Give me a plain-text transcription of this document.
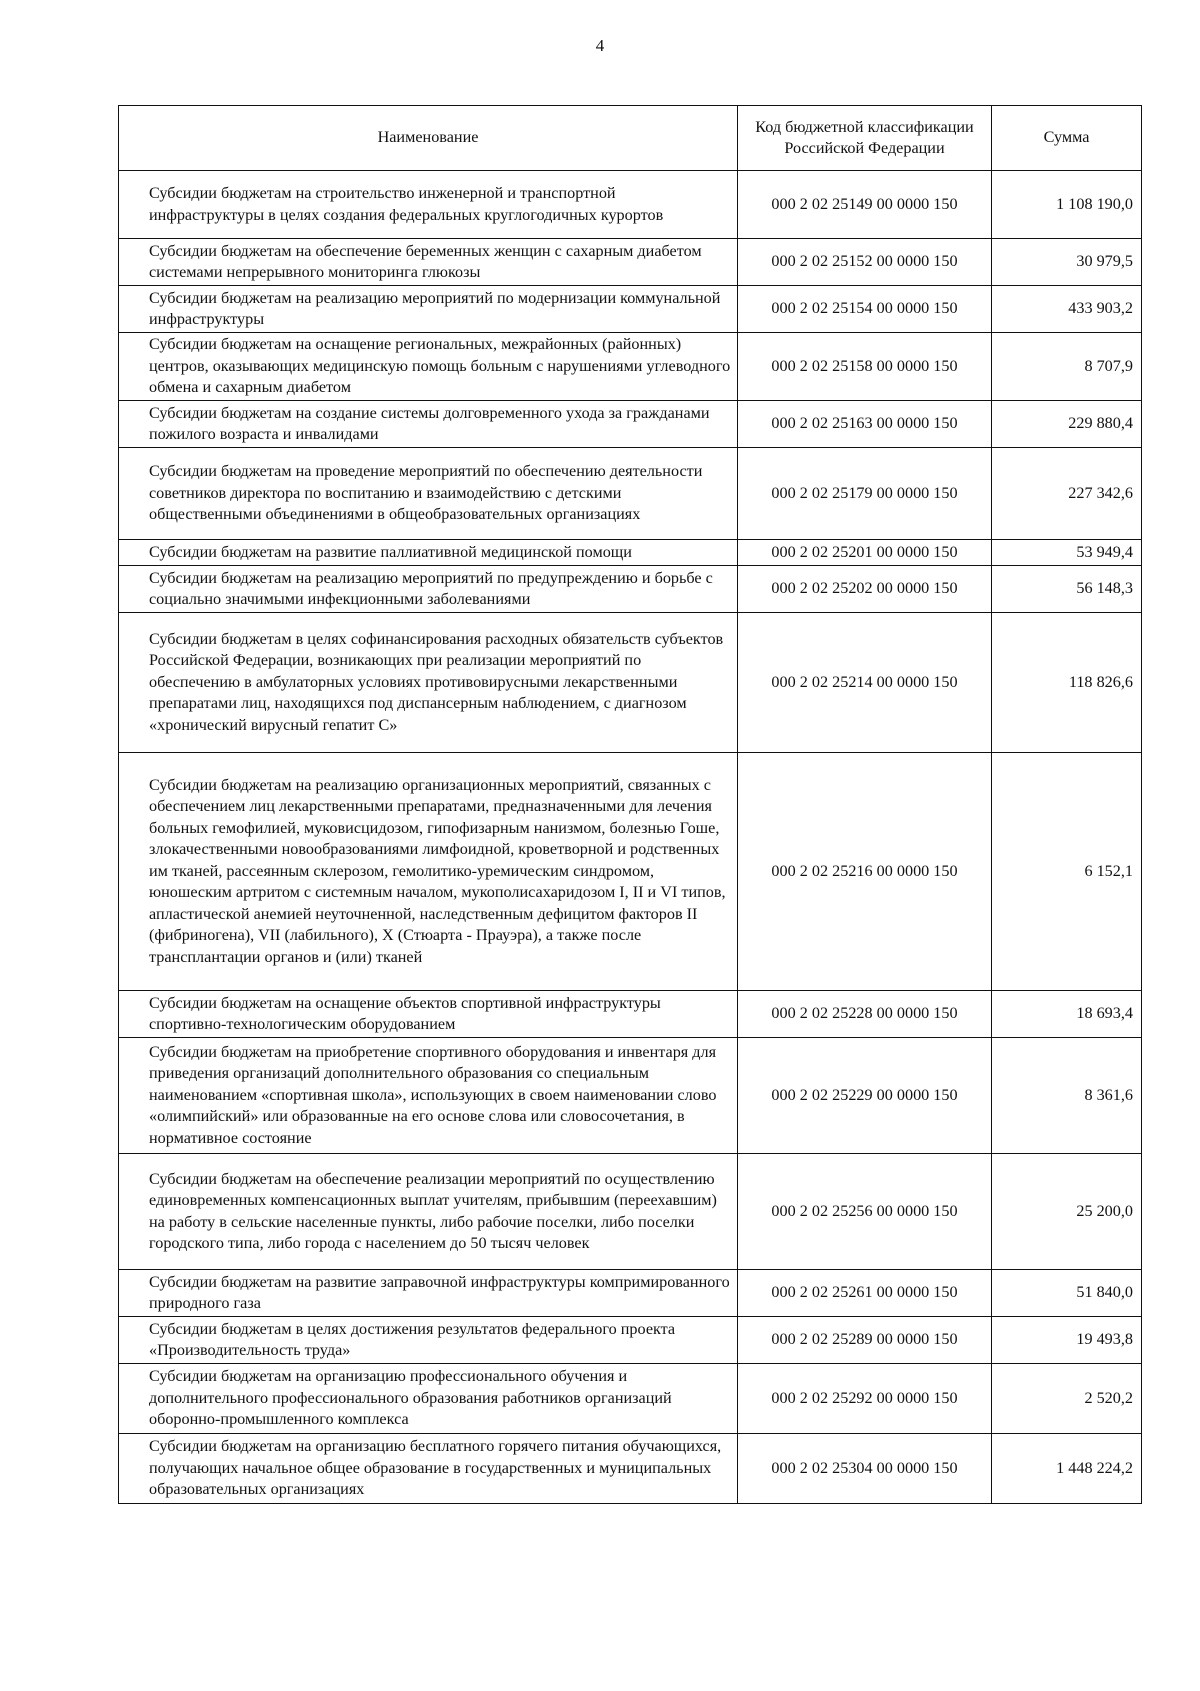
4
Наименование	Код бюджетной классификации Российской Федерации	Сумма
Субсидии бюджетам на строительство инженерной и транспортной инфраструктуры в целях создания федеральных круглогодичных курортов	000 2 02 25149 00 0000 150	1 108 190,0
Субсидии бюджетам на обеспечение беременных женщин с сахарным диабетом системами непрерывного мониторинга глюкозы	000 2 02 25152 00 0000 150	30 979,5
Субсидии бюджетам на реализацию мероприятий по модернизации коммунальной инфраструктуры	000 2 02 25154 00 0000 150	433 903,2
Субсидии бюджетам на оснащение региональных, межрайонных (районных) центров, оказывающих медицинскую помощь больным с нарушениями углеводного обмена и сахарным диабетом	000 2 02 25158 00 0000 150	8 707,9
Субсидии бюджетам на создание системы долговременного ухода за гражданами пожилого возраста и инвалидами	000 2 02 25163 00 0000 150	229 880,4
Субсидии бюджетам на проведение мероприятий по обеспечению деятельности советников директора по воспитанию и взаимодействию с детскими общественными объединениями в общеобразовательных организациях	000 2 02 25179 00 0000 150	227 342,6
Субсидии бюджетам на развитие паллиативной медицинской помощи	000 2 02 25201 00 0000 150	53 949,4
Субсидии бюджетам на реализацию мероприятий по предупреждению и борьбе с социально значимыми инфекционными заболеваниями	000 2 02 25202 00 0000 150	56 148,3
Субсидии бюджетам в целях софинансирования расходных обязательств субъектов Российской Федерации, возникающих при реализации мероприятий по обеспечению в амбулаторных условиях противовирусными лекарственными препаратами лиц, находящихся под диспансерным наблюдением, с диагнозом «хронический вирусный гепатит С»	000 2 02 25214 00 0000 150	118 826,6
Субсидии бюджетам на реализацию организационных мероприятий, связанных с обеспечением лиц лекарственными препаратами, предназначенными для лечения больных гемофилией, муковисцидозом, гипофизарным нанизмом, болезнью Гоше, злокачественными новообразованиями лимфоидной, кроветворной и родственных им тканей, рассеянным склерозом, гемолитико-уремическим синдромом, юношеским артритом с системным началом, мукополисахаридозом I, II и VI типов, апластической анемией неуточненной, наследственным дефицитом факторов II (фибриногена), VII (лабильного), X (Стюарта - Прауэра), а также после трансплантации органов и (или) тканей	000 2 02 25216 00 0000 150	6 152,1
Субсидии бюджетам на оснащение объектов спортивной инфраструктуры спортивно-технологическим оборудованием	000 2 02 25228 00 0000 150	18 693,4
Субсидии бюджетам на приобретение спортивного оборудования и инвентаря для приведения организаций дополнительного образования со специальным наименованием «спортивная школа», использующих в своем наименовании слово «олимпийский» или образованные на его основе слова или словосочетания, в нормативное состояние	000 2 02 25229 00 0000 150	8 361,6
Субсидии бюджетам на обеспечение реализации мероприятий по осуществлению единовременных компенсационных выплат учителям, прибывшим (переехавшим) на работу в сельские населенные пункты, либо рабочие поселки, либо поселки городского типа, либо города с населением до 50 тысяч человек	000 2 02 25256 00 0000 150	25 200,0
Субсидии бюджетам на развитие заправочной инфраструктуры компримированного природного газа	000 2 02 25261 00 0000 150	51 840,0
Субсидии бюджетам в целях достижения результатов федерального проекта «Производительность труда»	000 2 02 25289 00 0000 150	19 493,8
Субсидии бюджетам на организацию профессионального обучения и дополнительного профессионального образования работников организаций оборонно-промышленного комплекса	000 2 02 25292 00 0000 150	2 520,2
Субсидии бюджетам на организацию бесплатного горячего питания обучающихся, получающих начальное общее образование в государственных и муниципальных образовательных организациях	000 2 02 25304 00 0000 150	1 448 224,2
